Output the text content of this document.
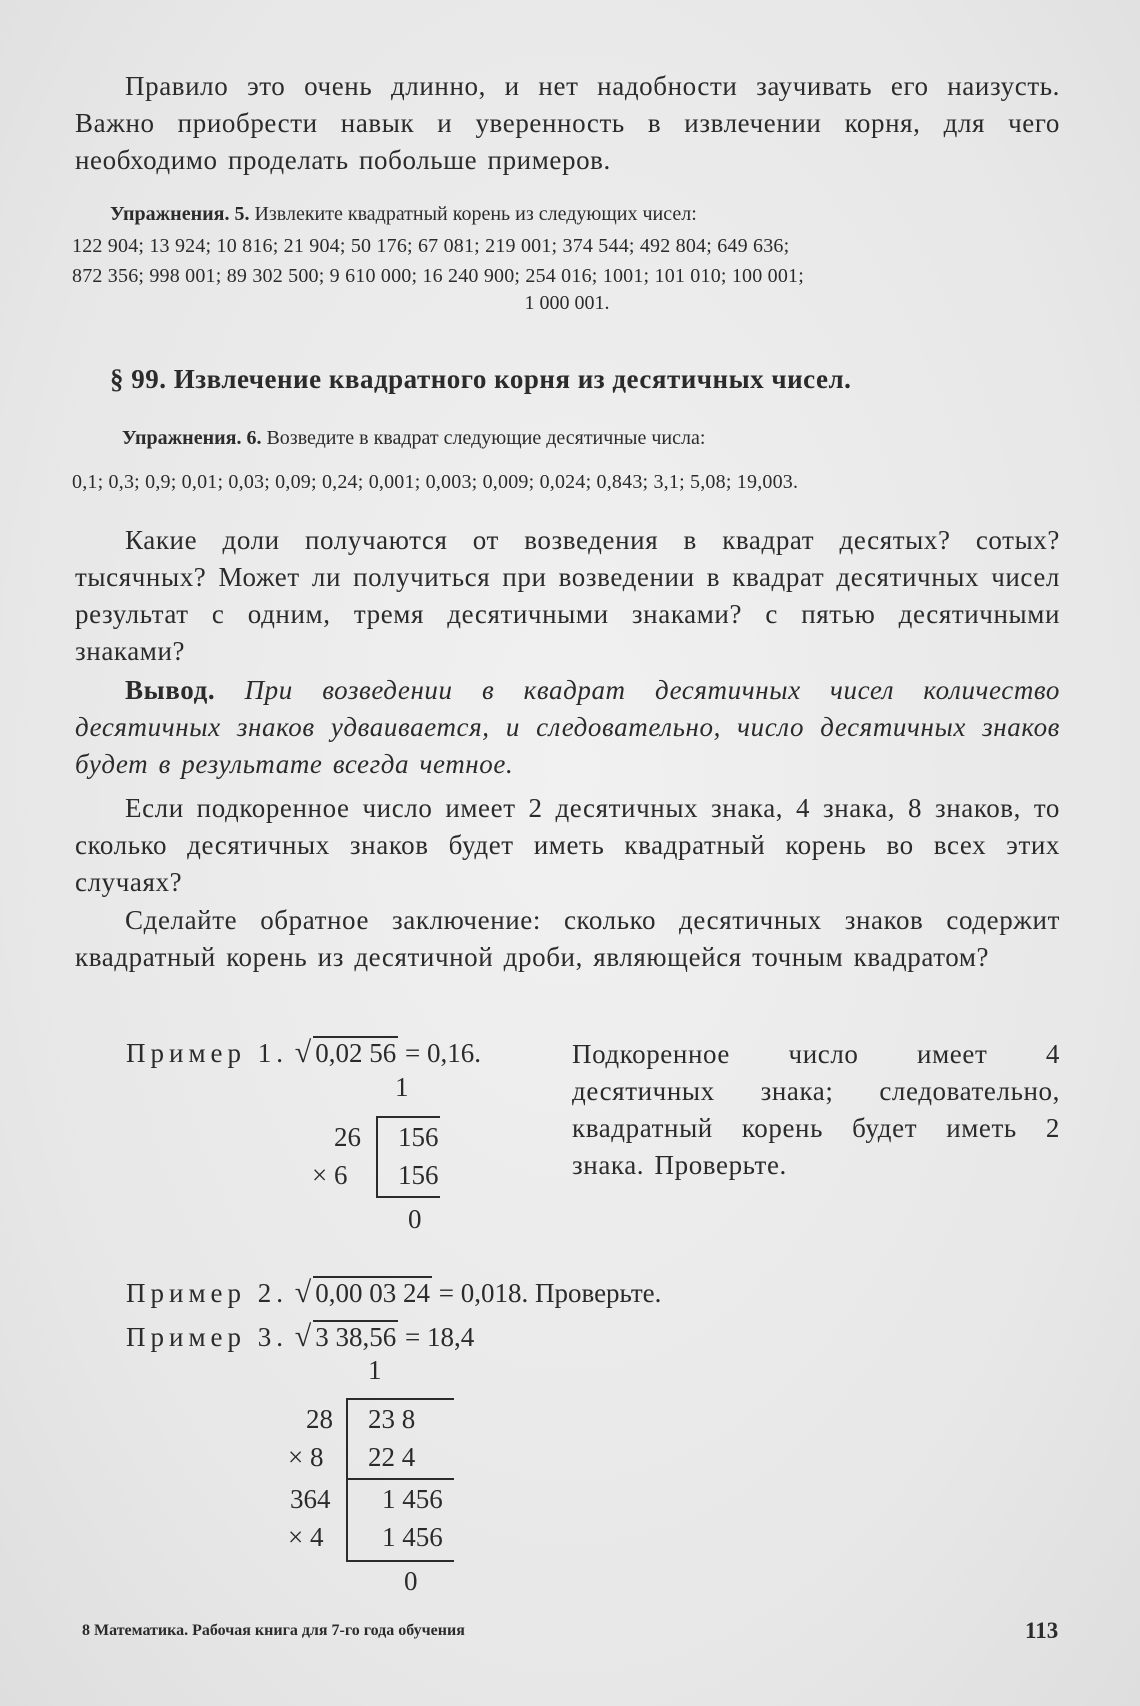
Правило это очень длинно, и нет надобности заучивать его наизусть. Важно приобрести навык и уверенность в извлечении корня, для чего необходимо проделать побольше примеров.

Упражнения. 5. Извлеките квадратный корень из следующих чисел:

122 904; 13 924; 10 816; 21 904; 50 176; 67 081; 219 001; 374 544; 492 804; 649 636;

872 356; 998 001; 89 302 500; 9 610 000; 16 240 900; 254 016; 1001; 101 010; 100 001;

1 000 001.

§ 99. Извлечение квадратного корня из десятичных чисел.

Упражнения. 6. Возведите в квадрат следующие десятичные числа:

0,1; 0,3; 0,9; 0,01; 0,03; 0,09; 0,24; 0,001; 0,003; 0,009; 0,024; 0,843; 3,1; 5,08; 19,003.

Какие доли получаются от возведения в квадрат десятых? сотых? тысячных? Может ли получиться при возведении в квадрат десятичных чисел результат с одним, тремя десятичными знаками? с пятью десятичными знаками?

Вывод. При возведении в квадрат десятичных чисел количество десятичных знаков удваивается, и следовательно, число десятичных знаков будет в результате всегда четное.

Если подкоренное число имеет 2 десятичных знака, 4 знака, 8 знаков, то сколько десятичных знаков будет иметь квадратный корень во всех этих случаях?

Сделайте обратное заключение: сколько десятичных знаков содержит квадратный корень из десятичной дроби, являющейся точным квадратом?

Пример 1. √ 0,02 56 = 0,16.
1
26
× 6
156
156
0

Подкоренное число имеет 4 десятичных знака; следовательно, квадратный корень будет иметь 2 знака. Проверьте.

Пример 2. √ 0,00 03 24 = 0,018. Проверьте.
Пример 3. √ 3 38,56 = 18,4
1
28
× 8
23 8
22 4
364
× 4
1 456
1 456
0
8 Математика. Рабочая книга для 7-го года обучения	113
